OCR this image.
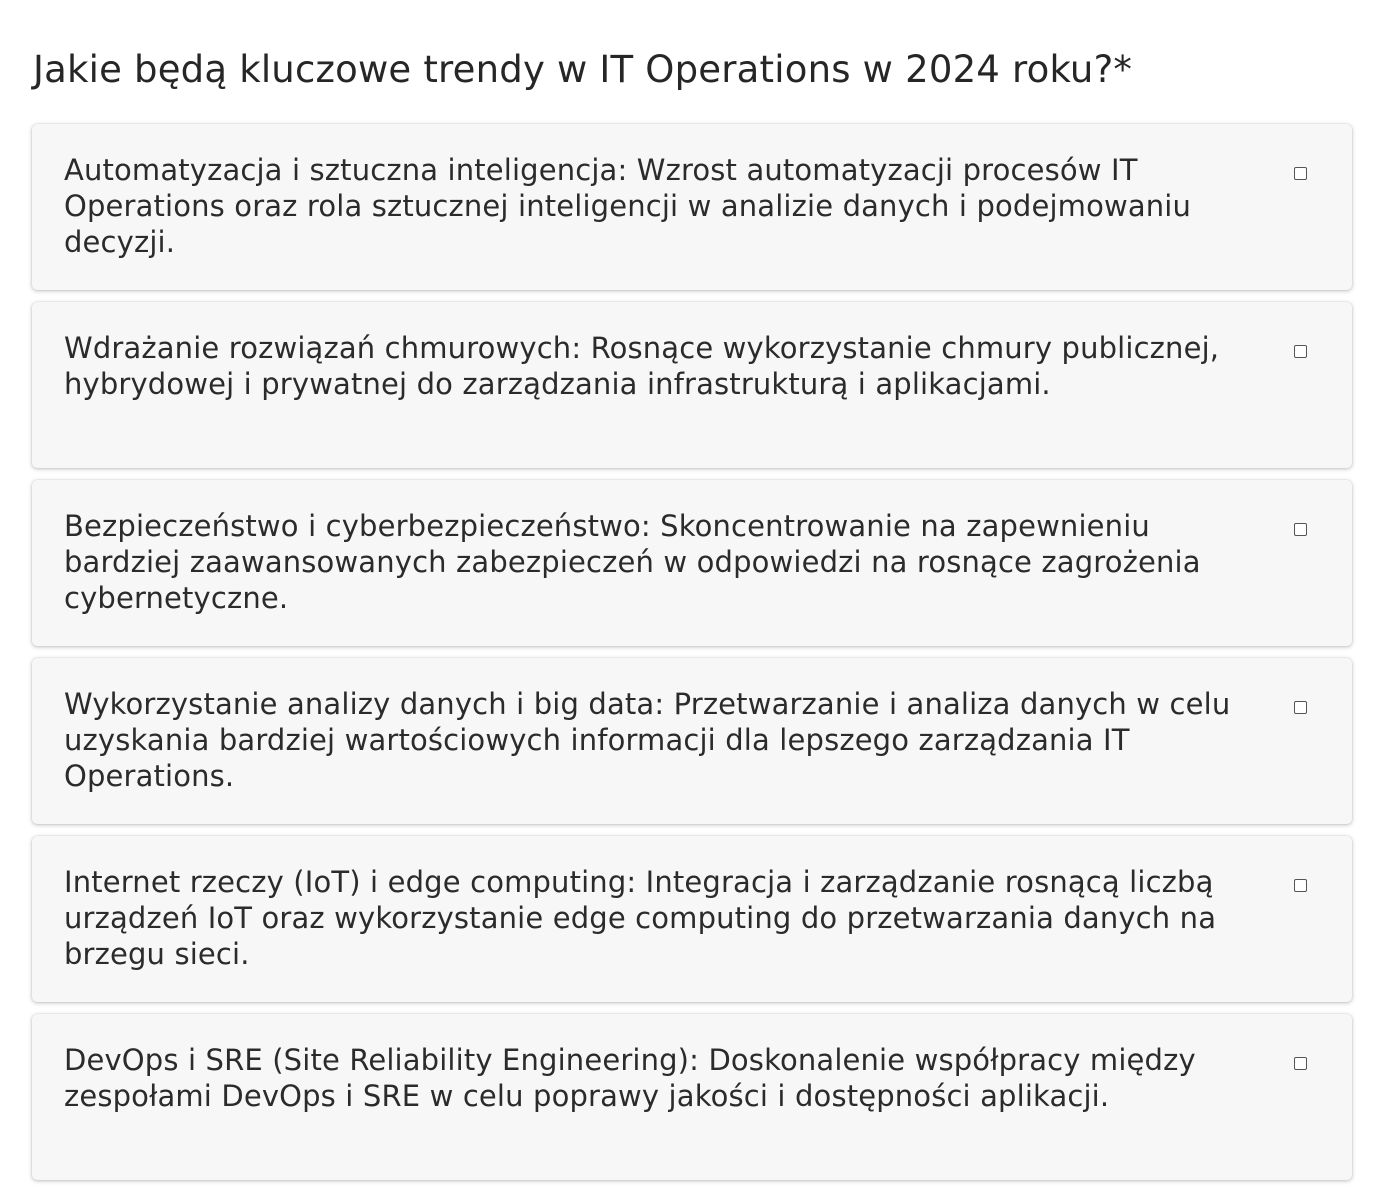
Jakie będą kluczowe trendy w IT Operations w 2024 roku?*
Automatyzacja i sztuczna inteligencja: Wzrost automatyzacji procesów IT Operations oraz rola sztucznej inteligencji w analizie danych i podejmowaniu decyzji.
Wdrażanie rozwiązań chmurowych: Rosnące wykorzystanie chmury publicznej, hybrydowej i prywatnej do zarządzania infrastrukturą i aplikacjami.
Bezpieczeństwo i cyberbezpieczeństwo: Skoncentrowanie na zapewnieniu bardziej zaawansowanych zabezpieczeń w odpowiedzi na rosnące zagrożenia cybernetyczne.
Wykorzystanie analizy danych i big data: Przetwarzanie i analiza danych w celu uzyskania bardziej wartościowych informacji dla lepszego zarządzania IT Operations.
Internet rzeczy (IoT) i edge computing: Integracja i zarządzanie rosnącą liczbą urządzeń IoT oraz wykorzystanie edge computing do przetwarzania danych na brzegu sieci.
DevOps i SRE (Site Reliability Engineering): Doskonalenie współpracy między zespołami DevOps i SRE w celu poprawy jakości i dostępności aplikacji.
